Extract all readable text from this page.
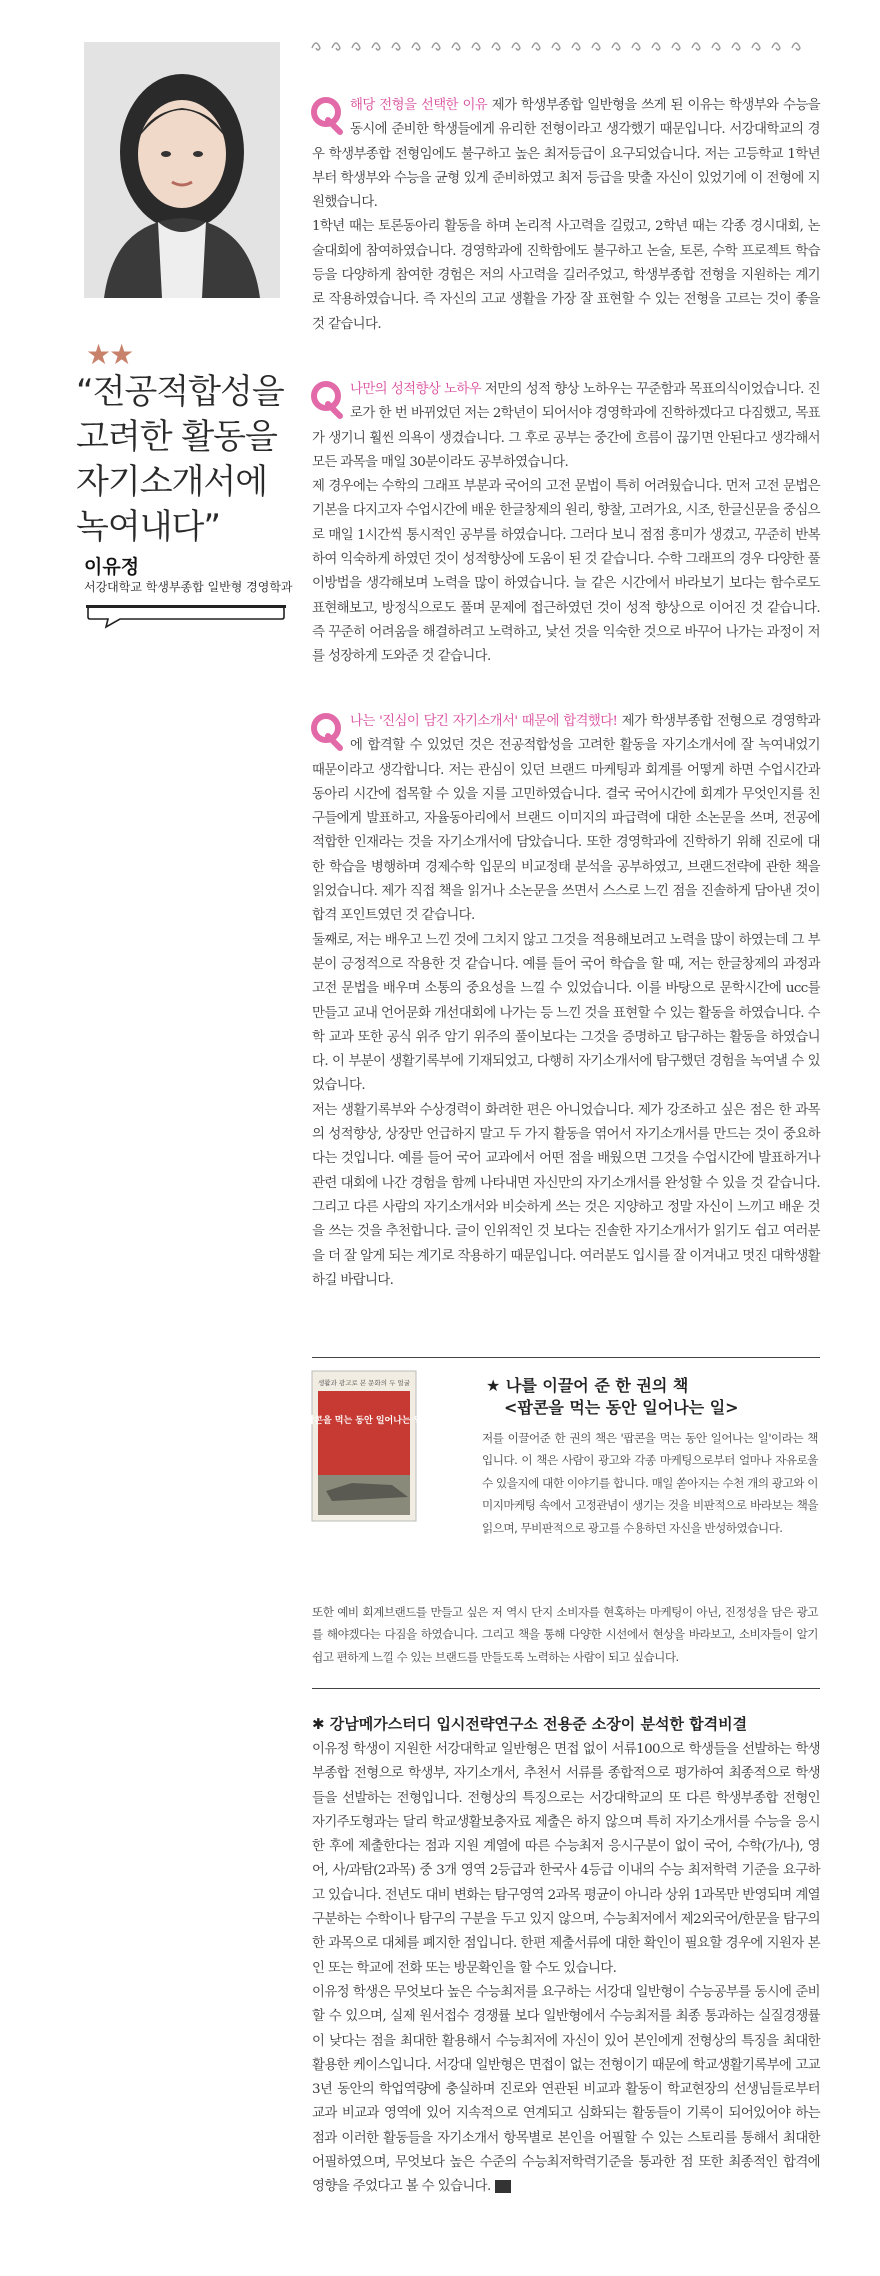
★★
“전공적합성을
고려한 활동을
자기소개서에
녹여내다”
이유정
서강대학교 학생부종합 일반형 경영학과

해당 전형을 선택한 이유 제가 학생부종합 일반형을 쓰게 된 이유는 학생부와 수능을 동시에 준비한 학생들에게 유리한 전형이라고 생각했기 때문입니다. 서강대학교의 경우 학생부종합 전형임에도 불구하고 높은 최저등급이 요구되었습니다. 저는 고등학교 1학년부터 학생부와 수능을 균형 있게 준비하였고 최저 등급을 맞출 자신이 있었기에 이 전형에 지원했습니다.

1학년 때는 토론동아리 활동을 하며 논리적 사고력을 길렀고, 2학년 때는 각종 경시대회, 논술대회에 참여하였습니다. 경영학과에 진학함에도 불구하고 논술, 토론, 수학 프로젝트 학습 등을 다양하게 참여한 경험은 저의 사고력을 길러주었고, 학생부종합 전형을 지원하는 계기로 작용하였습니다. 즉 자신의 고교 생활을 가장 잘 표현할 수 있는 전형을 고르는 것이 좋을 것 같습니다.

나만의 성적향상 노하우 저만의 성적 향상 노하우는 꾸준함과 목표의식이었습니다. 진로가 한 번 바뀌었던 저는 2학년이 되어서야 경영학과에 진학하겠다고 다짐했고, 목표가 생기니 훨씬 의욕이 생겼습니다. 그 후로 공부는 중간에 흐름이 끊기면 안된다고 생각해서 모든 과목을 매일 30분이라도 공부하였습니다.

제 경우에는 수학의 그래프 부분과 국어의 고전 문법이 특히 어려웠습니다. 먼저 고전 문법은 기본을 다지고자 수업시간에 배운 한글창제의 원리, 향찰, 고려가요, 시조, 한글신문을 중심으로 매일 1시간씩 통시적인 공부를 하였습니다. 그러다 보니 점점 흥미가 생겼고, 꾸준히 반복하여 익숙하게 하였던 것이 성적향상에 도움이 된 것 같습니다. 수학 그래프의 경우 다양한 풀이방법을 생각해보며 노력을 많이 하였습니다. 늘 같은 시간에서 바라보기 보다는 함수로도 표현해보고, 방정식으로도 풀며 문제에 접근하였던 것이 성적 향상으로 이어진 것 같습니다. 즉 꾸준히 어려움을 해결하려고 노력하고, 낯선 것을 익숙한 것으로 바꾸어 나가는 과정이 저를 성장하게 도와준 것 같습니다.

나는 '진심이 담긴 자기소개서' 때문에 합격했다! 제가 학생부종합 전형으로 경영학과에 합격할 수 있었던 것은 전공적합성을 고려한 활동을 자기소개서에 잘 녹여내었기 때문이라고 생각합니다. 저는 관심이 있던 브랜드 마케팅과 회계를 어떻게 하면 수업시간과 동아리 시간에 접목할 수 있을 지를 고민하였습니다. 결국 국어시간에 회계가 무엇인지를 친구들에게 발표하고, 자율동아리에서 브랜드 이미지의 파급력에 대한 소논문을 쓰며, 전공에 적합한 인재라는 것을 자기소개서에 담았습니다. 또한 경영학과에 진학하기 위해 진로에 대한 학습을 병행하며 경제수학 입문의 비교정태 분석을 공부하였고, 브랜드전략에 관한 책을 읽었습니다. 제가 직접 책을 읽거나 소논문을 쓰면서 스스로 느낀 점을 진솔하게 담아낸 것이 합격 포인트였던 것 같습니다.

둘째로, 저는 배우고 느낀 것에 그치지 않고 그것을 적용해보려고 노력을 많이 하였는데 그 부분이 긍정적으로 작용한 것 같습니다. 예를 들어 국어 학습을 할 때, 저는 한글창제의 과정과 고전 문법을 배우며 소통의 중요성을 느낄 수 있었습니다. 이를 바탕으로 문학시간에 ucc를 만들고 교내 언어문화 개선대회에 나가는 등 느낀 것을 표현할 수 있는 활동을 하였습니다. 수학 교과 또한 공식 위주 암기 위주의 풀이보다는 그것을 증명하고 탐구하는 활동을 하였습니다. 이 부분이 생활기록부에 기재되었고, 다행히 자기소개서에 탐구했던 경험을 녹여낼 수 있었습니다.

저는 생활기록부와 수상경력이 화려한 편은 아니었습니다. 제가 강조하고 싶은 점은 한 과목의 성적향상, 상장만 언급하지 말고 두 가지 활동을 엮어서 자기소개서를 만드는 것이 중요하다는 것입니다. 예를 들어 국어 교과에서 어떤 점을 배웠으면 그것을 수업시간에 발표하거나 관련 대회에 나간 경험을 함께 나타내면 자신만의 자기소개서를 완성할 수 있을 것 같습니다. 그리고 다른 사람의 자기소개서와 비슷하게 쓰는 것은 지양하고 정말 자신이 느끼고 배운 것을 쓰는 것을 추천합니다. 글이 인위적인 것 보다는 진솔한 자기소개서가 읽기도 쉽고 여러분을 더 잘 알게 되는 계기로 작용하기 때문입니다. 여러분도 입시를 잘 이겨내고 멋진 대학생활 하길 바랍니다.

생활과 광고로 본 문화의 두 얼굴
팝콘을 먹는 동안 일어나는 일
★ 나를 이끌어 준 한 권의 책
<팝콘을 먹는 동안 일어나는 일>
저를 이끌어준 한 권의 책은 '팝콘을 먹는 동안 일어나는 일'이라는 책입니다. 이 책은 사람이 광고와 각종 마케팅으로부터 얼마나 자유로울 수 있을지에 대한 이야기를 합니다. 매일 쏟아지는 수천 개의 광고와 이미지마케팅 속에서 고정관념이 생기는 것을 비판적으로 바라보는 책을 읽으며, 무비판적으로 광고를 수용하던 자신을 반성하였습니다.
또한 예비 회계브랜드를 만들고 싶은 저 역시 단지 소비자를 현혹하는 마케팅이 아닌, 진정성을 담은 광고를 해야겠다는 다짐을 하였습니다. 그리고 책을 통해 다양한 시선에서 현상을 바라보고, 소비자들이 알기 쉽고 편하게 느낄 수 있는 브랜드를 만들도록 노력하는 사람이 되고 싶습니다.
✱ 강남메가스터디 입시전략연구소 전용준 소장이 분석한 합격비결

이유정 학생이 지원한 서강대학교 일반형은 면접 없이 서류100으로 학생들을 선발하는 학생부종합 전형으로 학생부, 자기소개서, 추천서 서류를 종합적으로 평가하여 최종적으로 학생들을 선발하는 전형입니다. 전형상의 특징으로는 서강대학교의 또 다른 학생부종합 전형인 자기주도형과는 달리 학교생활보충자료 제출은 하지 않으며 특히 자기소개서를 수능을 응시한 후에 제출한다는 점과 지원 계열에 따른 수능최저 응시구분이 없이 국어, 수학(가/나), 영어, 사/과탐(2과목) 중 3개 영역 2등급과 한국사 4등급 이내의 수능 최저학력 기준을 요구하고 있습니다. 전년도 대비 변화는 탐구영역 2과목 평균이 아니라 상위 1과목만 반영되며 계열 구분하는 수학이나 탐구의 구분을 두고 있지 않으며, 수능최저에서 제2외국어/한문을 탐구의 한 과목으로 대체를 폐지한 점입니다. 한편 제출서류에 대한 확인이 필요할 경우에 지원자 본인 또는 학교에 전화 또는 방문확인을 할 수도 있습니다.

이유정 학생은 무엇보다 높은 수능최저를 요구하는 서강대 일반형이 수능공부를 동시에 준비할 수 있으며, 실제 원서접수 경쟁률 보다 일반형에서 수능최저를 최종 통과하는 실질경쟁률이 낮다는 점을 최대한 활용해서 수능최저에 자신이 있어 본인에게 전형상의 특징을 최대한 활용한 케이스입니다. 서강대 일반형은 면접이 없는 전형이기 때문에 학교생활기록부에 고교 3년 동안의 학업역량에 충실하며 진로와 연관된 비교과 활동이 학교현장의 선생님들로부터 교과 비교과 영역에 있어 지속적으로 연계되고 심화되는 활동들이 기록이 되어있어야 하는 점과 이러한 활동들을 자기소개서 항목별로 본인을 어필할 수 있는 스토리를 통해서 최대한 어필하였으며, 무엇보다 높은 수준의 수능최저학력기준을 통과한 점 또한 최종적인 합격에 영향을 주었다고 볼 수 있습니다.
